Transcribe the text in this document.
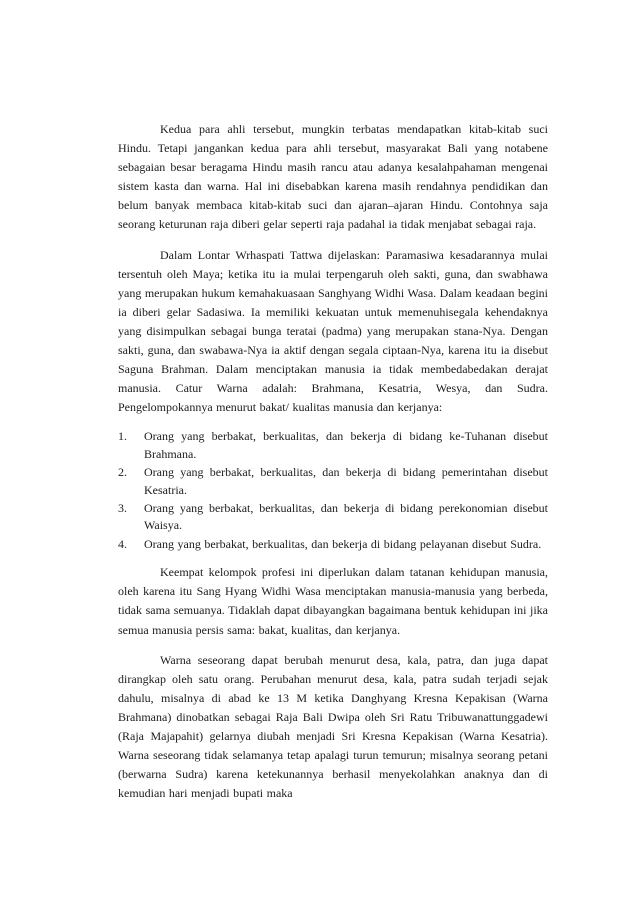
Kedua para ahli tersebut, mungkin terbatas mendapatkan kitab-kitab suci Hindu. Tetapi jangankan kedua para ahli tersebut, masyarakat Bali yang notabene sebagaian besar beragama Hindu masih rancu atau adanya kesalahpahaman mengenai sistem kasta dan warna. Hal ini disebabkan karena masih rendahnya pendidikan dan belum banyak membaca kitab-kitab suci dan ajaran–ajaran Hindu. Contohnya saja seorang keturunan raja diberi gelar seperti raja padahal ia tidak menjabat sebagai raja.

Dalam Lontar Wrhaspati Tattwa dijelaskan: Paramasiwa kesadarannya mulai tersentuh oleh Maya; ketika itu ia mulai terpengaruh oleh sakti, guna, dan swabhawa yang merupakan hukum kemahakuasaan Sanghyang Widhi Wasa. Dalam keadaan begini ia diberi gelar Sadasiwa. Ia memiliki kekuatan untuk memenuhisegala kehendaknya yang disimpulkan sebagai bunga teratai (padma) yang merupakan stana-Nya. Dengan sakti, guna, dan swabawa-Nya ia aktif dengan segala ciptaan-Nya, karena itu ia disebut Saguna Brahman. Dalam menciptakan manusia ia tidak membedabedakan derajat manusia. Catur Warna adalah: Brahmana, Kesatria, Wesya, dan Sudra. Pengelompokannya menurut bakat/ kualitas manusia dan kerjanya:

1. Orang yang berbakat, berkualitas, dan bekerja di bidang ke-Tuhanan disebut Brahmana.
2. Orang yang berbakat, berkualitas, dan bekerja di bidang pemerintahan disebut Kesatria.
3. Orang yang berbakat, berkualitas, dan bekerja di bidang perekonomian disebut Waisya.
4. Orang yang berbakat, berkualitas, dan bekerja di bidang pelayanan disebut Sudra.

Keempat kelompok profesi ini diperlukan dalam tatanan kehidupan manusia, oleh karena itu Sang Hyang Widhi Wasa menciptakan manusia-manusia yang berbeda, tidak sama semuanya. Tidaklah dapat dibayangkan bagaimana bentuk kehidupan ini jika semua manusia persis sama: bakat, kualitas, dan kerjanya.

Warna seseorang dapat berubah menurut desa, kala, patra, dan juga dapat dirangkap oleh satu orang. Perubahan menurut desa, kala, patra sudah terjadi sejak dahulu, misalnya di abad ke 13 M ketika Danghyang Kresna Kepakisan (Warna Brahmana) dinobatkan sebagai Raja Bali Dwipa oleh Sri Ratu Tribuwanattunggadewi (Raja Majapahit) gelarnya diubah menjadi Sri Kresna Kepakisan (Warna Kesatria). Warna seseorang tidak selamanya tetap apalagi turun temurun; misalnya seorang petani (berwarna Sudra) karena ketekunannya berhasil menyekolahkan anaknya dan di kemudian hari menjadi bupati maka
